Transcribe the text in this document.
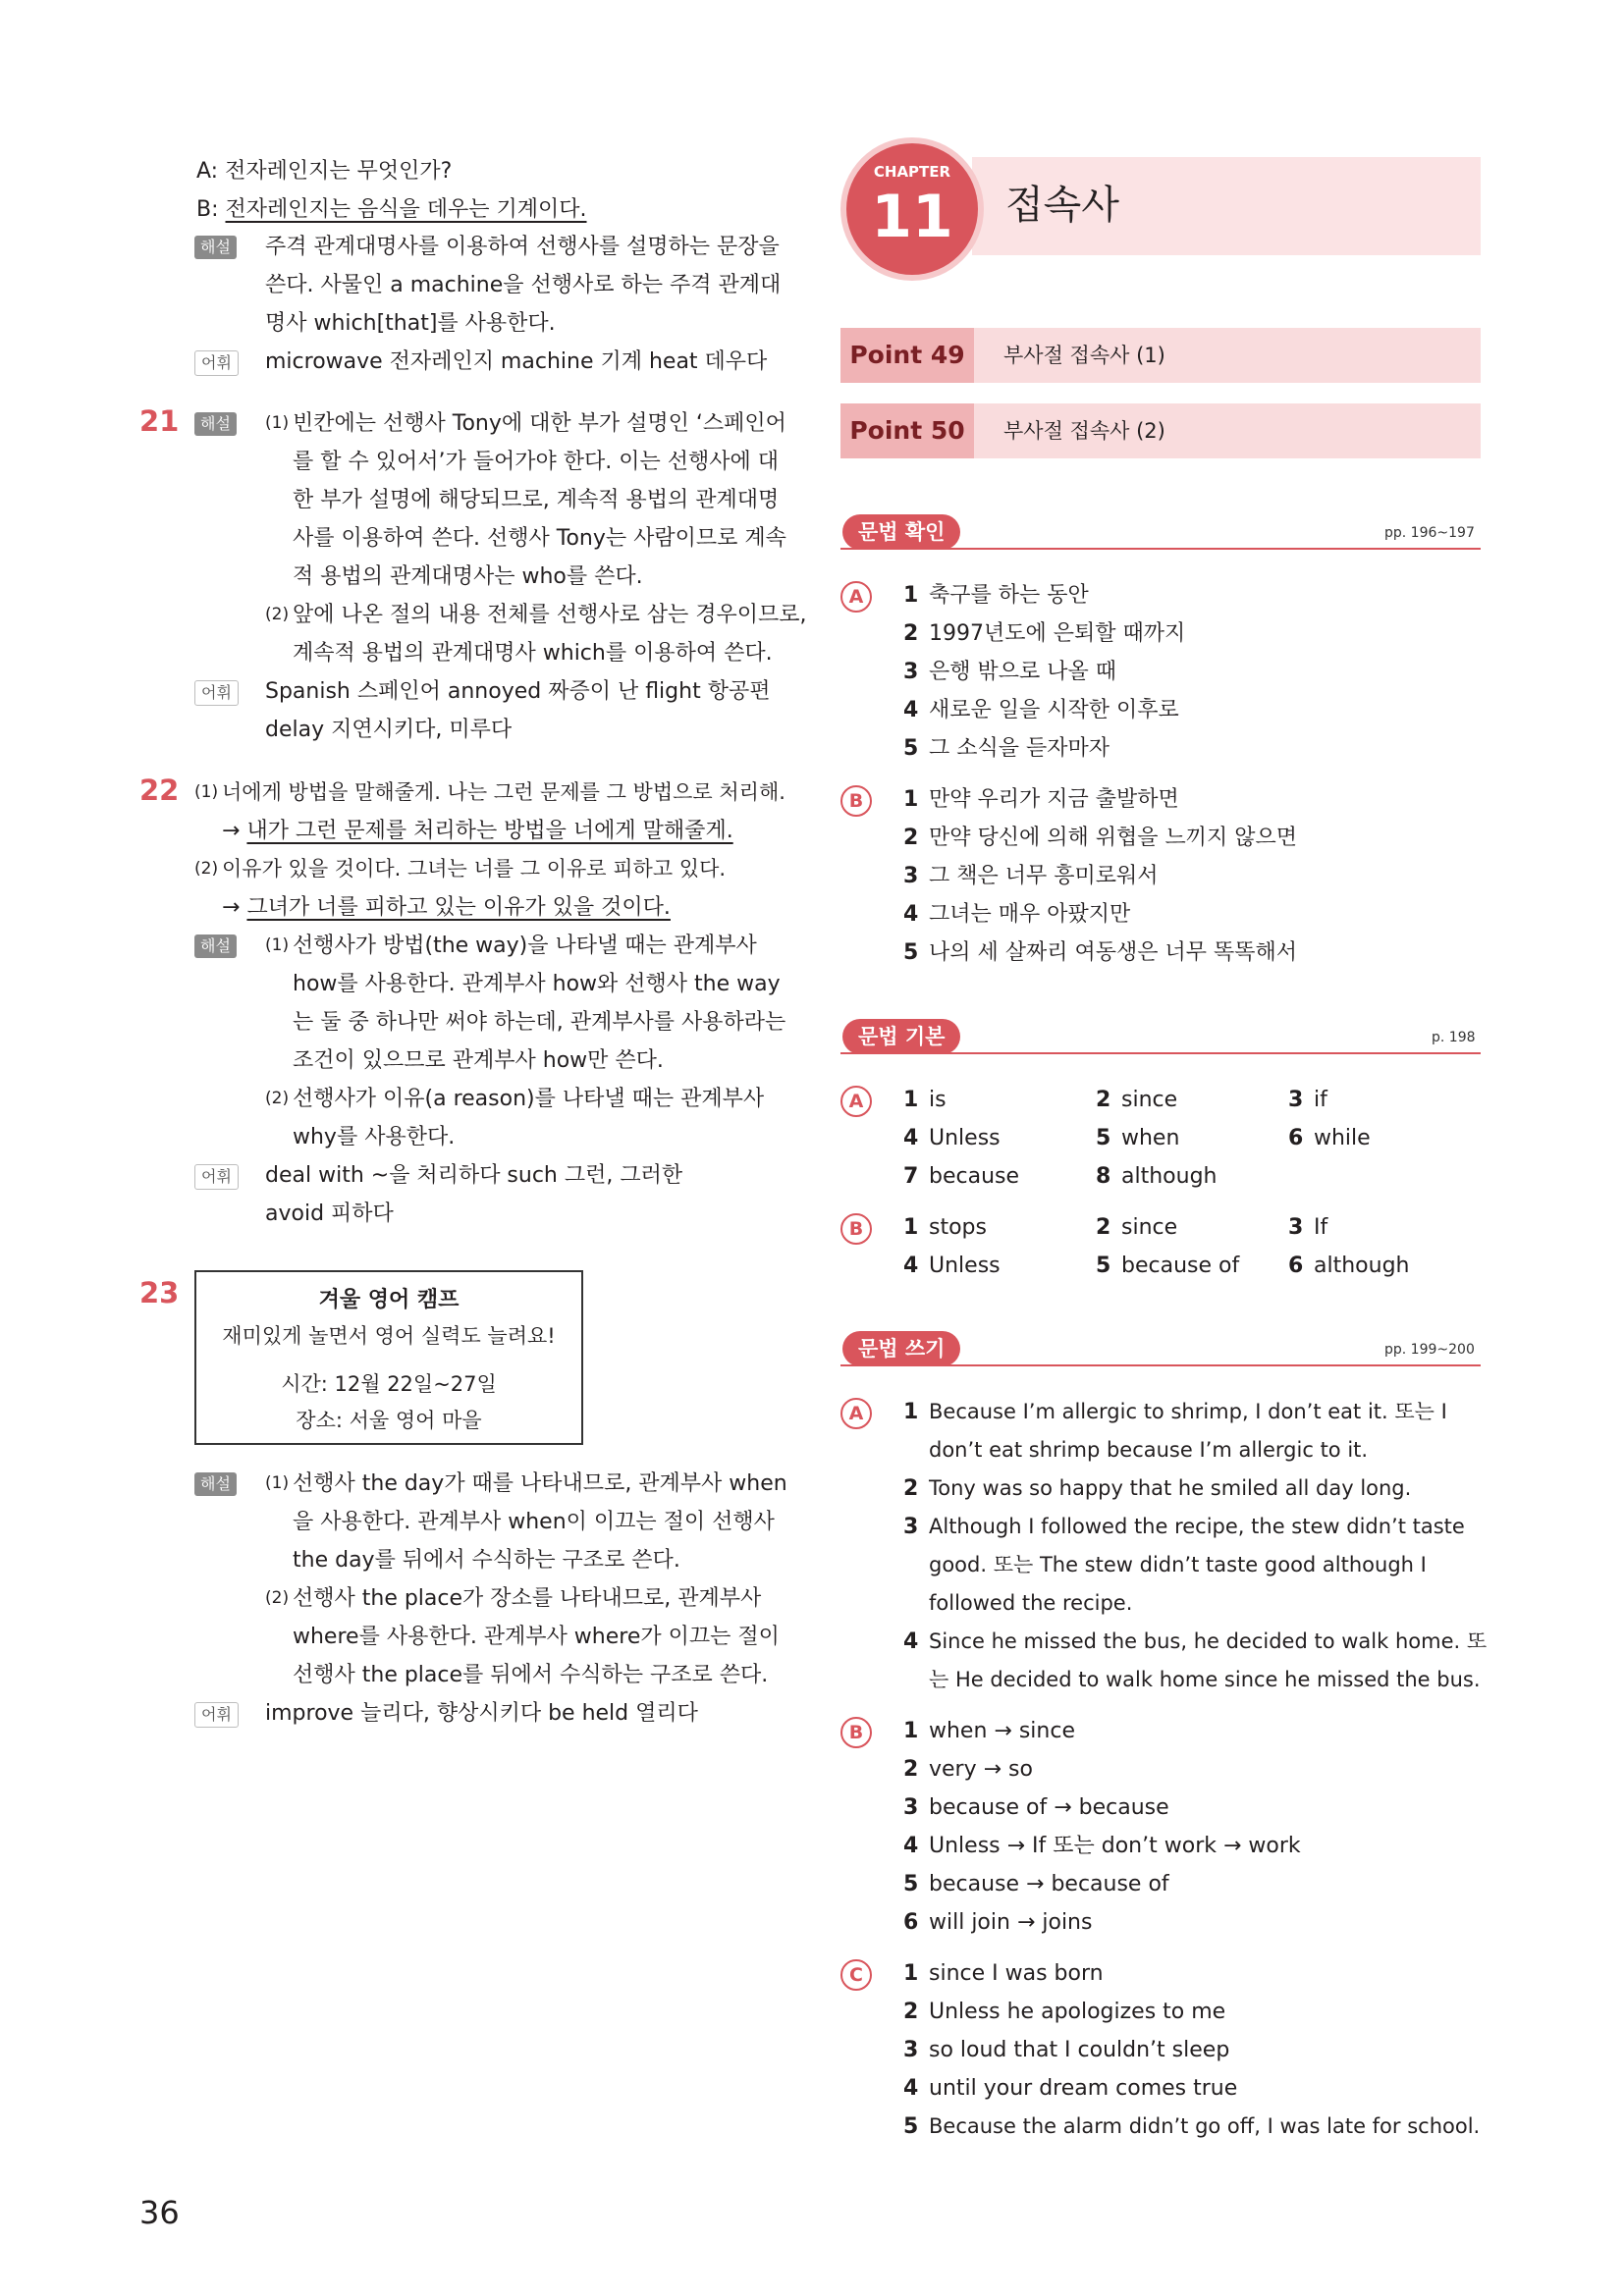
A: 전자레인지는 무엇인가?
B: 전자레인지는 음식을 데우는 기계이다.
해설 주격 관계대명사를 이용하여 선행사를 설명하는 문장을
쓴다. 사물인 a machine을 선행사로 하는 주격 관계대
명사 which[that]를 사용한다.
어휘	microwave 전자레인지 machine 기계 heat 데우다
21	해설	(1) 빈칸에는 선행사 Tony에 대한 부가 설명인 ‘스페인어
를 할 수 있어서’가 들어가야 한다. 이는 선행사에 대
한 부가 설명에 해당되므로, 계속적 용법의 관계대명
사를 이용하여 쓴다. 선행사 Tony는 사람이므로 계속
적 용법의 관계대명사는 who를 쓴다.
(2) 앞에 나온 절의 내용 전체를 선행사로 삼는 경우이므로,
계속적 용법의 관계대명사 which를 이용하여 쓴다.
어휘	Spanish 스페인어 annoyed 짜증이 난 flight 항공편
delay 지연시키다, 미루다
22 (1) 너에게 방법을 말해줄게. 나는 그런 문제를 그 방법으로 처리해.
→ 내가 그런 문제를 처리하는 방법을 너에게 말해줄게.
(2) 이유가 있을 것이다. 그녀는 너를 그 이유로 피하고 있다.
→ 그녀가 너를 피하고 있는 이유가 있을 것이다.
해설	(1) 선행사가 방법(the way)을 나타낼 때는 관계부사
how를 사용한다. 관계부사 how와 선행사 the way
는 둘 중 하나만 써야 하는데, 관계부사를 사용하라는
조건이 있으므로 관계부사 how만 쓴다.
(2) 선행사가 이유(a reason)를 나타낼 때는 관계부사
why를 사용한다.
어휘	deal with ~을 처리하다 such 그런, 그러한
avoid 피하다
23	겨울 영어 캠프
재미있게 놀면서 영어 실력도 늘려요!
시간: 12월 22일~27일
장소: 서울 영어 마을
해설	(1) 선행사 the day가 때를 나타내므로, 관계부사 when
을 사용한다. 관계부사 when이 이끄는 절이 선행사
the day를 뒤에서 수식하는 구조로 쓴다.
(2) 선행사 the place가 장소를 나타내므로, 관계부사
where를 사용한다. 관계부사 where가 이끄는 절이
선행사 the place를 뒤에서 수식하는 구조로 쓴다.
어휘	improve 늘리다, 향상시키다 be held 열리다
36
CHAPTER
11	접속사
Point 49	부사절 접속사 (1)
Point 50	부사절 접속사 (2)
문법 확인	pp. 196~197
A	1 축구를 하는 동안
2 1997년도에 은퇴할 때까지
3 은행 밖으로 나올 때
4 새로운 일을 시작한 이후로
5 그 소식을 듣자마자
B	1 만약 우리가 지금 출발하면
2 만약 당신에 의해 위협을 느끼지 않으면
3 그 책은 너무 흥미로워서
4 그녀는 매우 아팠지만
5 나의 세 살짜리 여동생은 너무 똑똑해서
문법 기본	p. 198
A	1 is	2 since	3 if
4 Unless	5 when	6 while
7 because	8 although
B	1 stops	2 since	3 If
4 Unless	5 because of 6 although
문법 쓰기	pp. 199~200
A	1 Because I’m allergic to shrimp, I don’t eat it. 또는 I
don’t eat shrimp because I’m allergic to it.
2 Tony was so happy that he smiled all day long.
3 Although I followed the recipe, the stew didn’t taste
good. 또는 The stew didn’t taste good although I
followed the recipe.
4 Since he missed the bus, he decided to walk home. 또
는 He decided to walk home since he missed the bus.
B	1 when → since
2 very → so
3 because of → because
4 Unless → If 또는 don’t work → work
5 because → because of
6 will join → joins
C	1 since I was born
2 Unless he apologizes to me
3 so loud that I couldn’t sleep
4 until your dream comes true
5 Because the alarm didn’t go off, I was late for school.
